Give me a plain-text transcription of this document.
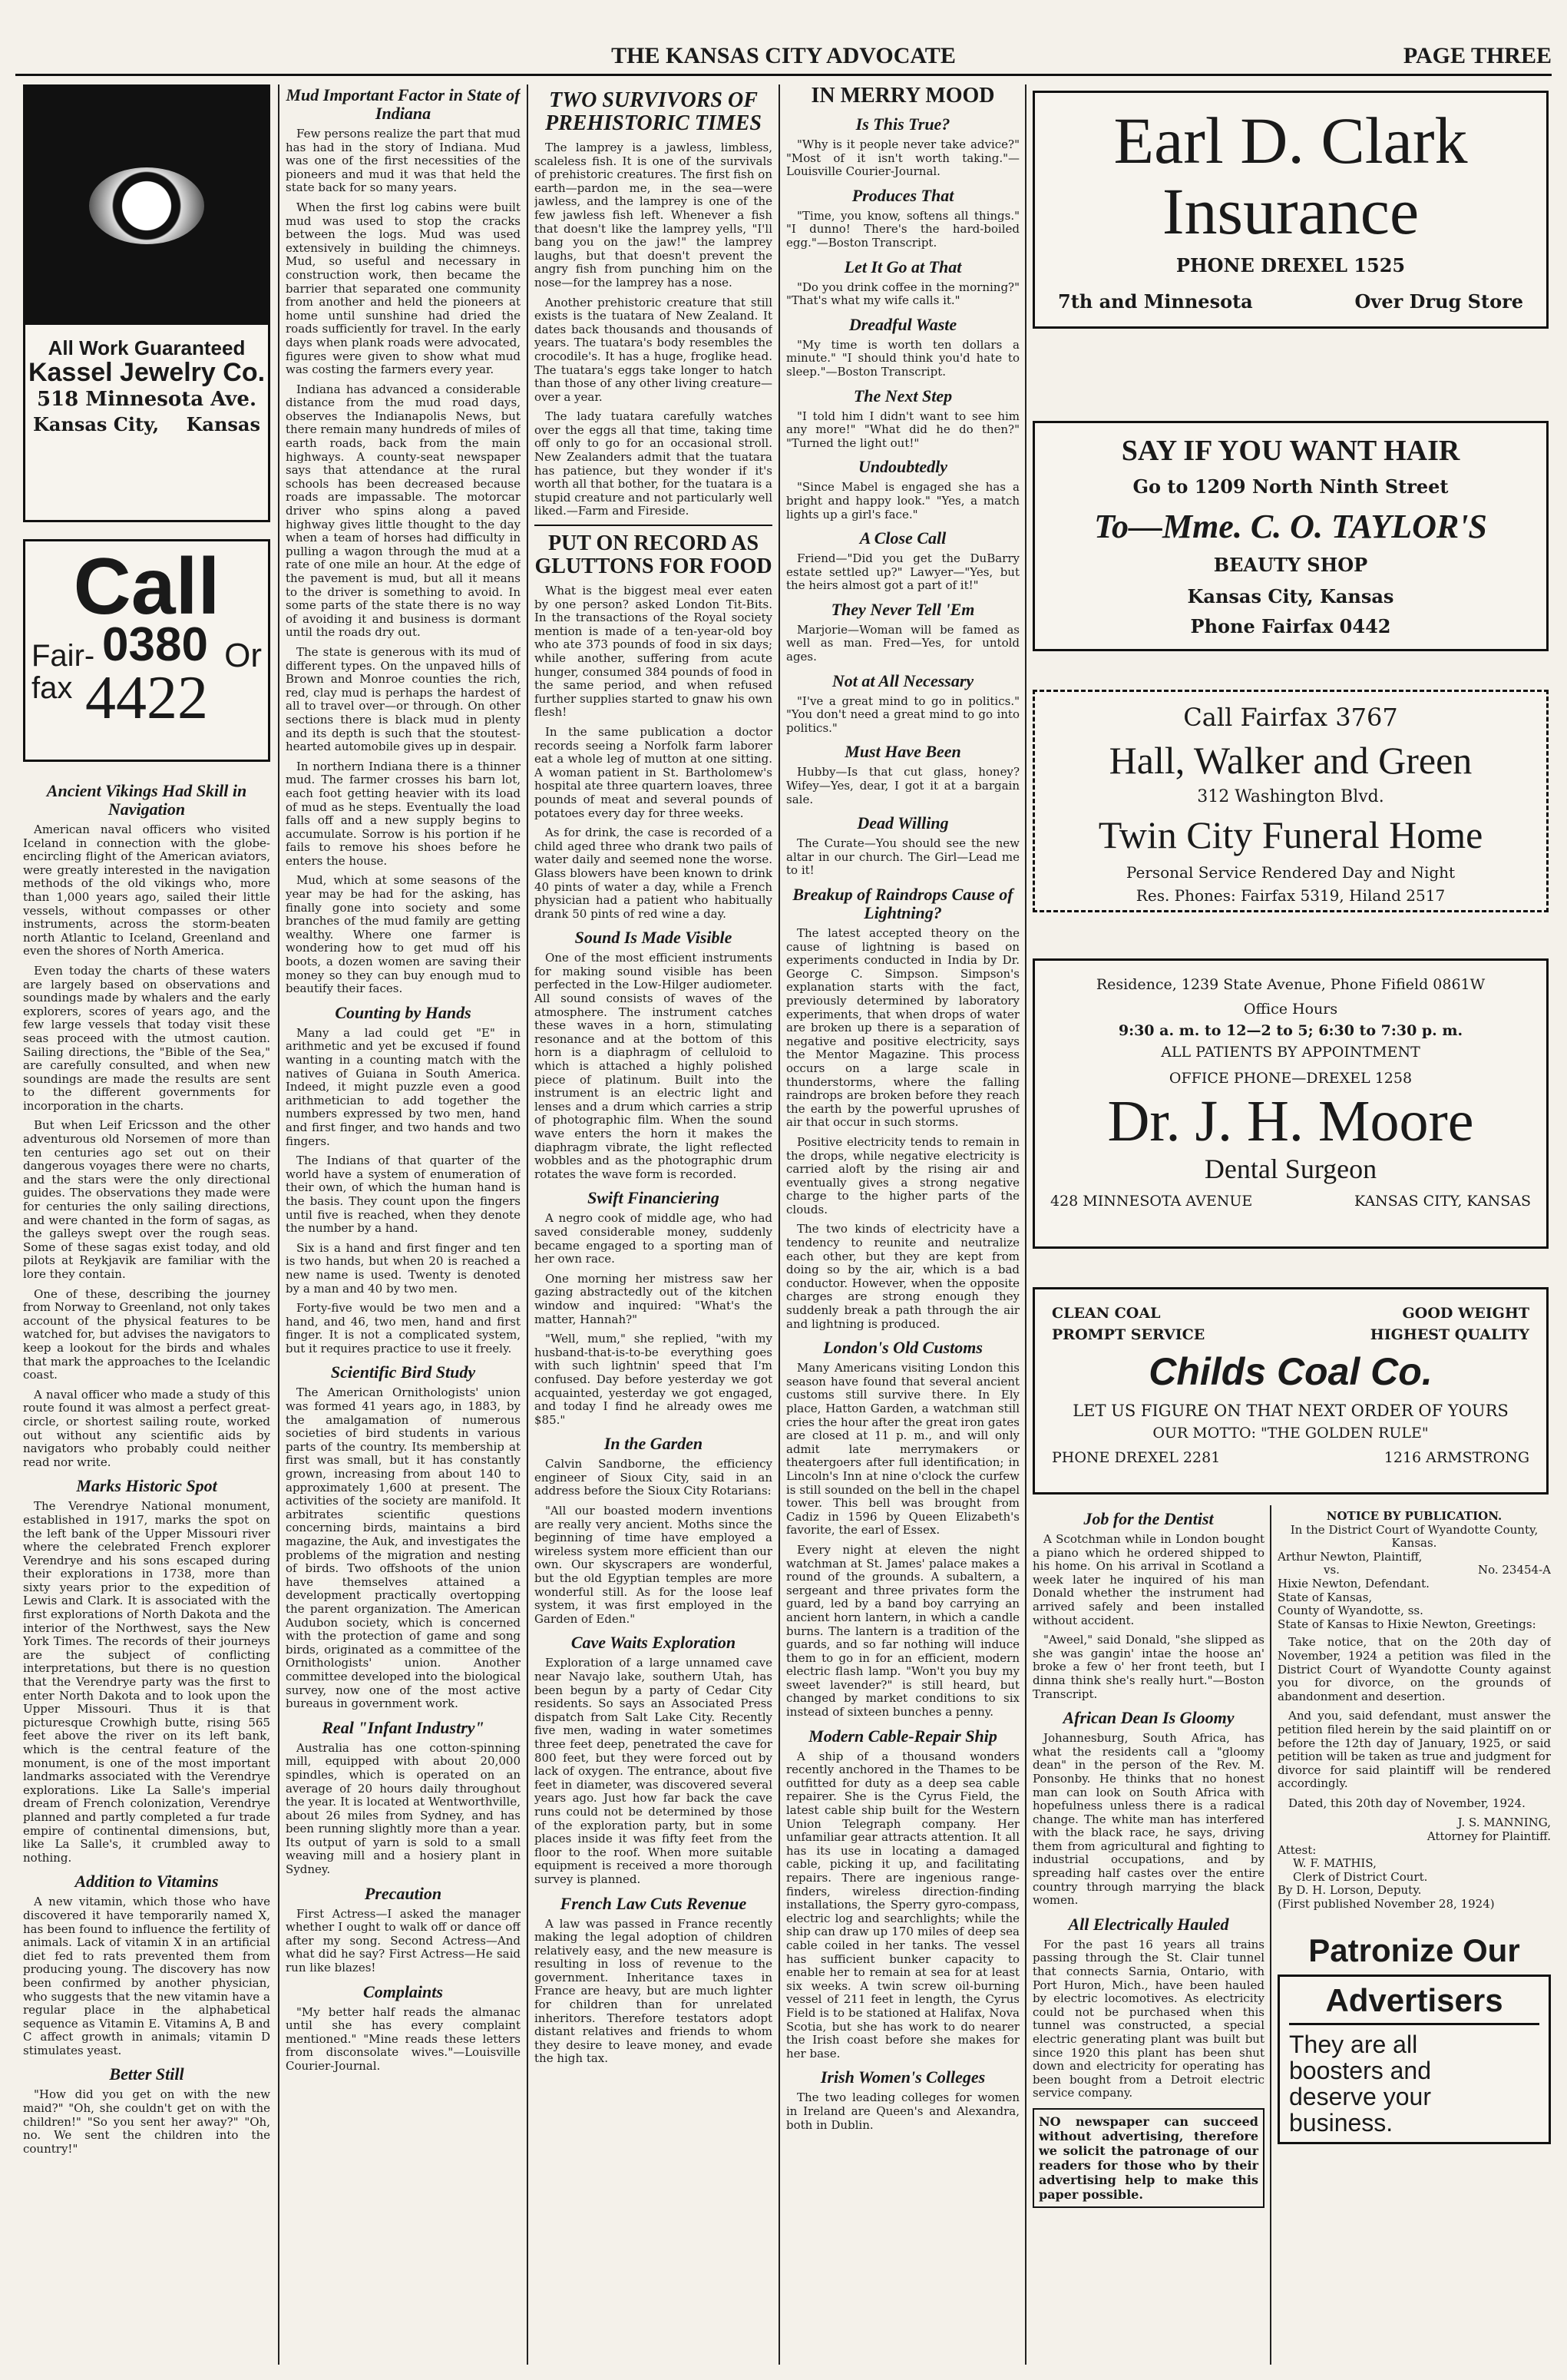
THE KANSAS CITY ADVOCATE	PAGE THREE
All Work Guaranteed
Kassel Jewelry Co.
518 Minnesota Ave.
Kansas City, Kansas
Call
Fair-
fax
0380 Or
4422
Ancient Vikings Had Skill in Navigation

American naval officers who visited Iceland in connection with the globe-encircling flight of the American aviators, were greatly interested in the navigation methods of the old vikings who, more than 1,000 years ago, sailed their little vessels, without compasses or other instruments, across the storm-beaten north Atlantic to Iceland, Greenland and even the shores of North America.

Even today the charts of these waters are largely based on observations and soundings made by whalers and the early explorers, scores of years ago, and the few large vessels that today visit these seas proceed with the utmost caution. Sailing directions, the "Bible of the Sea," are carefully consulted, and when new soundings are made the results are sent to the different governments for incorporation in the charts.

But when Leif Ericsson and the other adventurous old Norsemen of more than ten centuries ago set out on their dangerous voyages there were no charts, and the stars were the only directional guides. The observations they made were for centuries the only sailing directions, and were chanted in the form of sagas, as the galleys swept over the rough seas. Some of these sagas exist today, and old pilots at Reykjavik are familiar with the lore they contain.

One of these, describing the journey from Norway to Greenland, not only takes account of the physical features to be watched for, but advises the navigators to keep a lookout for the birds and whales that mark the approaches to the Icelandic coast.

A naval officer who made a study of this route found it was almost a perfect great-circle, or shortest sailing route, worked out without any scientific aids by navigators who probably could neither read nor write.

Marks Historic Spot

The Verendrye National monument, established in 1917, marks the spot on the left bank of the Upper Missouri river where the celebrated French explorer Verendrye and his sons escaped during their explorations in 1738, more than sixty years prior to the expedition of Lewis and Clark. It is associated with the first explorations of North Dakota and the interior of the Northwest, says the New York Times. The records of their journeys are the subject of conflicting interpretations, but there is no question that the Verendrye party was the first to enter North Dakota and to look upon the Upper Missouri. Thus it is that picturesque Crowhigh butte, rising 565 feet above the river on its left bank, which is the central feature of the monument, is one of the most important landmarks associated with the Verendrye explorations. Like La Salle's imperial dream of French colonization, Verendrye planned and partly completed a fur trade empire of continental dimensions, but, like La Salle's, it crumbled away to nothing.

Addition to Vitamins

A new vitamin, which those who have discovered it have temporarily named X, has been found to influence the fertility of animals. Lack of vitamin X in an artificial diet fed to rats prevented them from producing young. The discovery has now been confirmed by another physician, who suggests that the new vitamin have a regular place in the alphabetical sequence as Vitamin E. Vitamins A, B and C affect growth in animals; vitamin D stimulates yeast.

Better Still

"How did you get on with the new maid?" "Oh, she couldn't get on with the children!" "So you sent her away?" "Oh, no. We sent the children into the country!"

Mud Important Factor in State of Indiana

Few persons realize the part that mud has had in the story of Indiana. Mud was one of the first necessities of the pioneers and mud it was that held the state back for so many years.

When the first log cabins were built mud was used to stop the cracks between the logs. Mud was used extensively in building the chimneys. Mud, so useful and necessary in construction work, then became the barrier that separated one community from another and held the pioneers at home until sunshine had dried the roads sufficiently for travel. In the early days when plank roads were advocated, figures were given to show what mud was costing the farmers every year.

Indiana has advanced a considerable distance from the mud road days, observes the Indianapolis News, but there remain many hundreds of miles of earth roads, back from the main highways. A county-seat newspaper says that attendance at the rural schools has been decreased because roads are impassable. The motorcar driver who spins along a paved highway gives little thought to the day when a team of horses had difficulty in pulling a wagon through the mud at a rate of one mile an hour. At the edge of the pavement is mud, but all it means to the driver is something to avoid. In some parts of the state there is no way of avoiding it and business is dormant until the roads dry out.

The state is generous with its mud of different types. On the unpaved hills of Brown and Monroe counties the rich, red, clay mud is perhaps the hardest of all to travel over—or through. On other sections there is black mud in plenty and its depth is such that the stoutest-hearted automobile gives up in despair.

In northern Indiana there is a thinner mud. The farmer crosses his barn lot, each foot getting heavier with its load of mud as he steps. Eventually the load falls off and a new supply begins to accumulate. Sorrow is his portion if he fails to remove his shoes before he enters the house.

Mud, which at some seasons of the year may be had for the asking, has finally gone into society and some branches of the mud family are getting wealthy. Where one farmer is wondering how to get mud off his boots, a dozen women are saving their money so they can buy enough mud to beautify their faces.

Counting by Hands

Many a lad could get "E" in arithmetic and yet be excused if found wanting in a counting match with the natives of Guiana in South America. Indeed, it might puzzle even a good arithmetician to add together the numbers expressed by two men, hand and first finger, and two hands and two fingers.

The Indians of that quarter of the world have a system of enumeration of their own, of which the human hand is the basis. They count upon the fingers until five is reached, when they denote the number by a hand.

Six is a hand and first finger and ten is two hands, but when 20 is reached a new name is used. Twenty is denoted by a man and 40 by two men.

Forty-five would be two men and a hand, and 46, two men, hand and first finger. It is not a complicated system, but it requires practice to use it freely.

Scientific Bird Study

The American Ornithologists' union was formed 41 years ago, in 1883, by the amalgamation of numerous societies of bird students in various parts of the country. Its membership at first was small, but it has constantly grown, increasing from about 140 to approximately 1,600 at present. The activities of the society are manifold. It arbitrates scientific questions concerning birds, maintains a bird magazine, the Auk, and investigates the problems of the migration and nesting of birds. Two offshoots of the union have themselves attained a development practically overtopping the parent organization. The American Audubon society, which is concerned with the protection of game and song birds, originated as a committee of the Ornithologists' union. Another committee developed into the biological survey, now one of the most active bureaus in government work.

Real "Infant Industry"

Australia has one cotton-spinning mill, equipped with about 20,000 spindles, which is operated on an average of 20 hours daily throughout the year. It is located at Wentworthville, about 26 miles from Sydney, and has been running slightly more than a year. Its output of yarn is sold to a small weaving mill and a hosiery plant in Sydney.

Precaution

First Actress—I asked the manager whether I ought to walk off or dance off after my song. Second Actress—And what did he say? First Actress—He said run like blazes!

Complaints

"My better half reads the almanac until she has every complaint mentioned." "Mine reads these letters from disconsolate wives."—Louisville Courier-Journal.

TWO SURVIVORS OF PREHISTORIC TIMES

The lamprey is a jawless, limbless, scaleless fish. It is one of the survivals of prehistoric creatures. The first fish on earth—pardon me, in the sea—were jawless, and the lamprey is one of the few jawless fish left. Whenever a fish that doesn't like the lamprey yells, "I'll bang you on the jaw!" the lamprey laughs, but that doesn't prevent the angry fish from punching him on the nose—for the lamprey has a nose.

Another prehistoric creature that still exists is the tuatara of New Zealand. It dates back thousands and thousands of years. The tuatara's body resembles the crocodile's. It has a huge, froglike head. The tuatara's eggs take longer to hatch than those of any other living creature—over a year.

The lady tuatara carefully watches over the eggs all that time, taking time off only to go for an occasional stroll. New Zealanders admit that the tuatara has patience, but they wonder if it's worth all that bother, for the tuatara is a stupid creature and not particularly well liked.—Farm and Fireside.

PUT ON RECORD AS GLUTTONS FOR FOOD

What is the biggest meal ever eaten by one person? asked London Tit-Bits. In the transactions of the Royal society mention is made of a ten-year-old boy who ate 373 pounds of food in six days; while another, suffering from acute hunger, consumed 384 pounds of food in the same period, and when refused further supplies started to gnaw his own flesh!

In the same publication a doctor records seeing a Norfolk farm laborer eat a whole leg of mutton at one sitting. A woman patient in St. Bartholomew's hospital ate three quartern loaves, three pounds of meat and several pounds of potatoes every day for three weeks.

As for drink, the case is recorded of a child aged three who drank two pails of water daily and seemed none the worse. Glass blowers have been known to drink 40 pints of water a day, while a French physician had a patient who habitually drank 50 pints of red wine a day.

Sound Is Made Visible

One of the most efficient instruments for making sound visible has been perfected in the Low-Hilger audiometer. All sound consists of waves of the atmosphere. The instrument catches these waves in a horn, stimulating resonance and at the bottom of this horn is a diaphragm of celluloid to which is attached a highly polished piece of platinum. Built into the instrument is an electric light and lenses and a drum which carries a strip of photographic film. When the sound wave enters the horn it makes the diaphragm vibrate, the light reflected wobbles and as the photographic drum rotates the wave form is recorded.

Swift Financiering

A negro cook of middle age, who had saved considerable money, suddenly became engaged to a sporting man of her own race.

One morning her mistress saw her gazing abstractedly out of the kitchen window and inquired: "What's the matter, Hannah?"

"Well, mum," she replied, "with my husband-that-is-to-be everything goes with such lightnin' speed that I'm confused. Day before yesterday we got acquainted, yesterday we got engaged, and today I find he already owes me $85."

In the Garden

Calvin Sandborne, the efficiency engineer of Sioux City, said in an address before the Sioux City Rotarians:

"All our boasted modern inventions are really very ancient. Moths since the beginning of time have employed a wireless system more efficient than our own. Our skyscrapers are wonderful, but the old Egyptian temples are more wonderful still. As for the loose leaf system, it was first employed in the Garden of Eden."

Cave Waits Exploration

Exploration of a large unnamed cave near Navajo lake, southern Utah, has been begun by a party of Cedar City residents. So says an Associated Press dispatch from Salt Lake City. Recently five men, wading in water sometimes three feet deep, penetrated the cave for 800 feet, but they were forced out by lack of oxygen. The entrance, about five feet in diameter, was discovered several years ago. Just how far back the cave runs could not be determined by those of the exploration party, but in some places inside it was fifty feet from the floor to the roof. When more suitable equipment is received a more thorough survey is planned.

French Law Cuts Revenue

A law was passed in France recently making the legal adoption of children relatively easy, and the new measure is resulting in loss of revenue to the government. Inheritance taxes in France are heavy, but are much lighter for children than for unrelated inheritors. Therefore testators adopt distant relatives and friends to whom they desire to leave money, and evade the high tax.

IN MERRY MOOD
Is This True?

"Why is it people never take advice?" "Most of it isn't worth taking."—Louisville Courier-Journal.

Produces That

"Time, you know, softens all things." "I dunno! There's the hard-boiled egg."—Boston Transcript.

Let It Go at That

"Do you drink coffee in the morning?" "That's what my wife calls it."

Dreadful Waste

"My time is worth ten dollars a minute." "I should think you'd hate to sleep."—Boston Transcript.

The Next Step

"I told him I didn't want to see him any more!" "What did he do then?" "Turned the light out!"

Undoubtedly

"Since Mabel is engaged she has a bright and happy look." "Yes, a match lights up a girl's face."

A Close Call

Friend—"Did you get the DuBarry estate settled up?" Lawyer—"Yes, but the heirs almost got a part of it!"

They Never Tell 'Em

Marjorie—Woman will be famed as well as man. Fred—Yes, for untold ages.

Not at All Necessary

"I've a great mind to go in politics." "You don't need a great mind to go into politics."

Must Have Been

Hubby—Is that cut glass, honey? Wifey—Yes, dear, I got it at a bargain sale.

Dead Willing

The Curate—You should see the new altar in our church. The Girl—Lead me to it!

Breakup of Raindrops Cause of Lightning?

The latest accepted theory on the cause of lightning is based on experiments conducted in India by Dr. George C. Simpson. Simpson's explanation starts with the fact, previously determined by laboratory experiments, that when drops of water are broken up there is a separation of negative and positive electricity, says the Mentor Magazine. This process occurs on a large scale in thunderstorms, where the falling raindrops are broken before they reach the earth by the powerful uprushes of air that occur in such storms.

Positive electricity tends to remain in the drops, while negative electricity is carried aloft by the rising air and eventually gives a strong negative charge to the higher parts of the clouds.

The two kinds of electricity have a tendency to reunite and neutralize each other, but they are kept from doing so by the air, which is a bad conductor. However, when the opposite charges are strong enough they suddenly break a path through the air and lightning is produced.

London's Old Customs

Many Americans visiting London this season have found that several ancient customs still survive there. In Ely place, Hatton Garden, a watchman still cries the hour after the great iron gates are closed at 11 p. m., and will only admit late merrymakers or theatergoers after full identification; in Lincoln's Inn at nine o'clock the curfew is still sounded on the bell in the chapel tower. This bell was brought from Cadiz in 1596 by Queen Elizabeth's favorite, the earl of Essex.

Every night at eleven the night watchman at St. James' palace makes a round of the grounds. A subaltern, a sergeant and three privates form the guard, led by a band boy carrying an ancient horn lantern, in which a candle burns. The lantern is a tradition of the guards, and so far nothing will induce them to go in for an efficient, modern electric flash lamp. "Won't you buy my sweet lavender?" is still heard, but changed by market conditions to six instead of sixteen bunches a penny.

Modern Cable-Repair Ship

A ship of a thousand wonders recently anchored in the Thames to be outfitted for duty as a deep sea cable repairer. She is the Cyrus Field, the latest cable ship built for the Western Union Telegraph company. Her unfamiliar gear attracts attention. It all has its use in locating a damaged cable, picking it up, and facilitating repairs. There are ingenious range-finders, wireless direction-finding installations, the Sperry gyro-compass, electric log and searchlights; while the ship can draw up 170 miles of deep sea cable coiled in her tanks. The vessel has sufficient bunker capacity to enable her to remain at sea for at least six weeks. A twin screw oil-burning vessel of 211 feet in length, the Cyrus Field is to be stationed at Halifax, Nova Scotia, but she has work to do nearer the Irish coast before she makes for her base.

Irish Women's Colleges

The two leading colleges for women in Ireland are Queen's and Alexandra, both in Dublin.

Earl D. Clark
Insurance
PHONE DREXEL 1525
7th and Minnesota	Over Drug Store
SAY IF YOU WANT HAIR
Go to 1209 North Ninth Street
To—Mme. C. O. TAYLOR'S
BEAUTY SHOP
Kansas City, Kansas
Phone Fairfax 0442
Call Fairfax 3767
Hall, Walker and Green
312 Washington Blvd.
Twin City Funeral Home
Personal Service Rendered Day and Night
Res. Phones: Fairfax 5319, Hiland 2517
Residence, 1239 State Avenue, Phone Fifield 0861W
Office Hours
9:30 a. m. to 12—2 to 5; 6:30 to 7:30 p. m.
ALL PATIENTS BY APPOINTMENT
OFFICE PHONE—DREXEL 1258
Dr. J. H. Moore
Dental Surgeon
428 MINNESOTA AVENUE	KANSAS CITY, KANSAS
CLEAN COAL	GOOD WEIGHT
PROMPT SERVICE	HIGHEST QUALITY
Childs Coal Co.
LET US FIGURE ON THAT NEXT ORDER OF YOURS
OUR MOTTO: "THE GOLDEN RULE"
PHONE DREXEL 2281	1216 ARMSTRONG
Job for the Dentist

A Scotchman while in London bought a piano which he ordered shipped to his home. On his arrival in Scotland a week later he inquired of his man Donald whether the instrument had arrived safely and been installed without accident.

"Aweel," said Donald, "she slipped as she was gangin' intae the hoose an' broke a few o' her front teeth, but I dinna think she's really hurt."—Boston Transcript.

African Dean Is Gloomy

Johannesburg, South Africa, has what the residents call a "gloomy dean" in the person of the Rev. M. Ponsonby. He thinks that no honest man can look on South Africa with hopefulness unless there is a radical change. The white man has interfered with the black race, he says, driving them from agricultural and fighting to industrial occupations, and by spreading half castes over the entire country through marrying the black women.

All Electrically Hauled

For the past 16 years all trains passing through the St. Clair tunnel that connects Sarnia, Ontario, with Port Huron, Mich., have been hauled by electric locomotives. As electricity could not be purchased when this tunnel was constructed, a special electric generating plant was built but since 1920 this plant has been shut down and electricity for operating has been bought from a Detroit electric service company.

NO newspaper can succeed without advertising, therefore we solicit the patronage of our readers for those who by their advertising help to make this paper possible.
NOTICE BY PUBLICATION.
In the District Court of Wyandotte County, Kansas.
Arthur Newton, Plaintiff,
vs.	No. 23454-A
Hixie Newton, Defendant.
State of Kansas,
County of Wyandotte, ss.
State of Kansas to Hixie Newton, Greetings:

Take notice, that on the 20th day of November, 1924 a petition was filed in the District Court of Wyandotte County against you for divorce, on the grounds of abandonment and desertion.

And you, said defendant, must answer the petition filed herein by the said plaintiff on or before the 12th day of January, 1925, or said petition will be taken as true and judgment for divorce for said plaintiff will be rendered accordingly.

Dated, this 20th day of November, 1924.

J. S. MANNING,
Attorney for Plaintiff.
Attest:
W. F. MATHIS,
Clerk of District Court.
By D. H. Lorson, Deputy.
(First published November 28, 1924)
Patronize Our
Advertisers
They are all
boosters and
deserve your
business.
